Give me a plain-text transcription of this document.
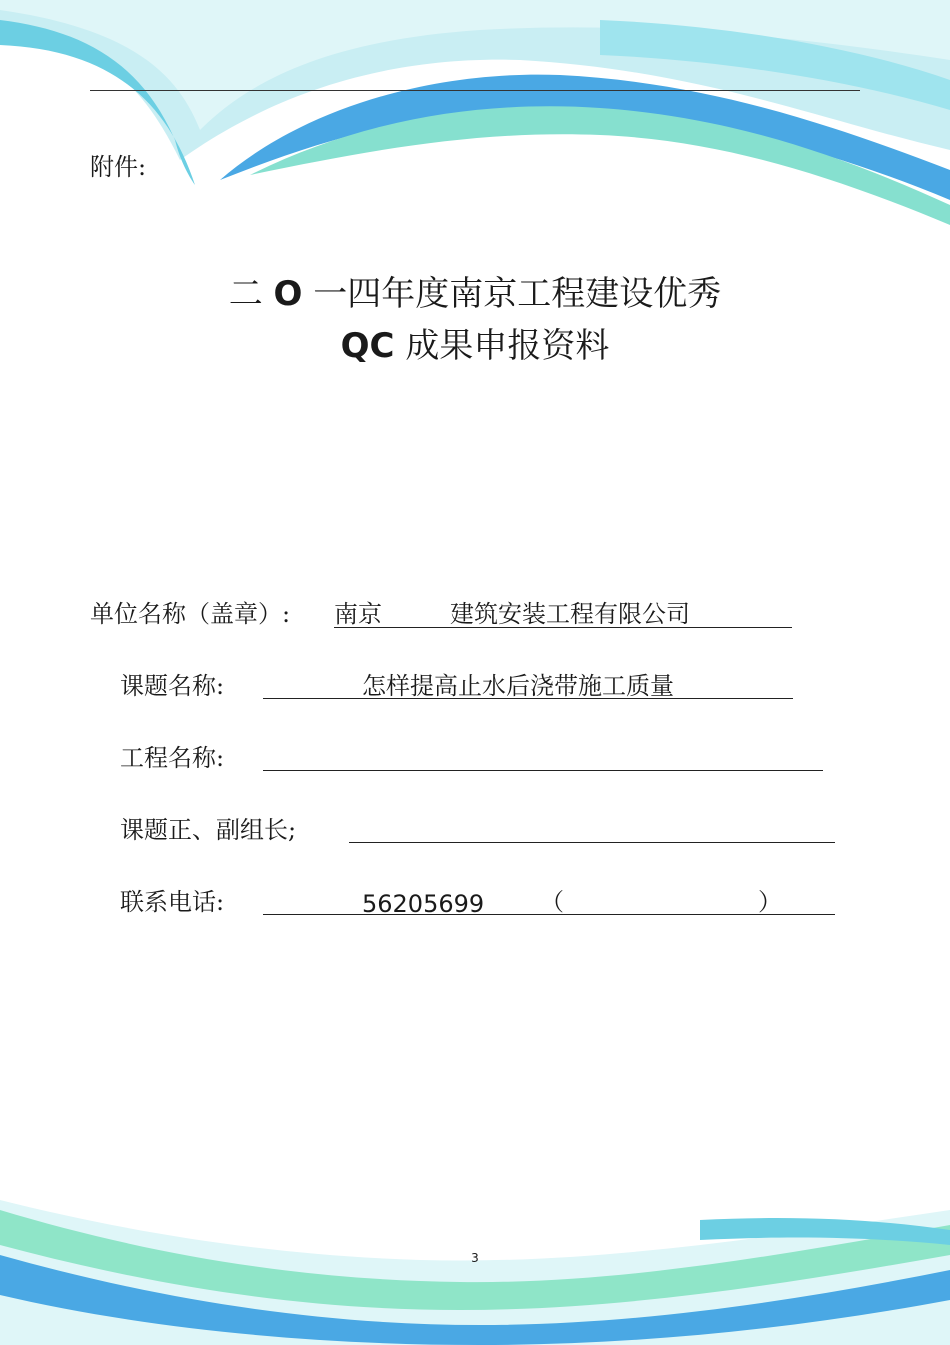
附件:
二 O 一四年度南京工程建设优秀
QC 成果申报资料
单位名称（盖章）: 南京	建筑安装工程有限公司
课题名称:	怎样提高止水后浇带施工质量
工程名称:
课题正、副组长;
联系电话:	56205699 （	）
3
